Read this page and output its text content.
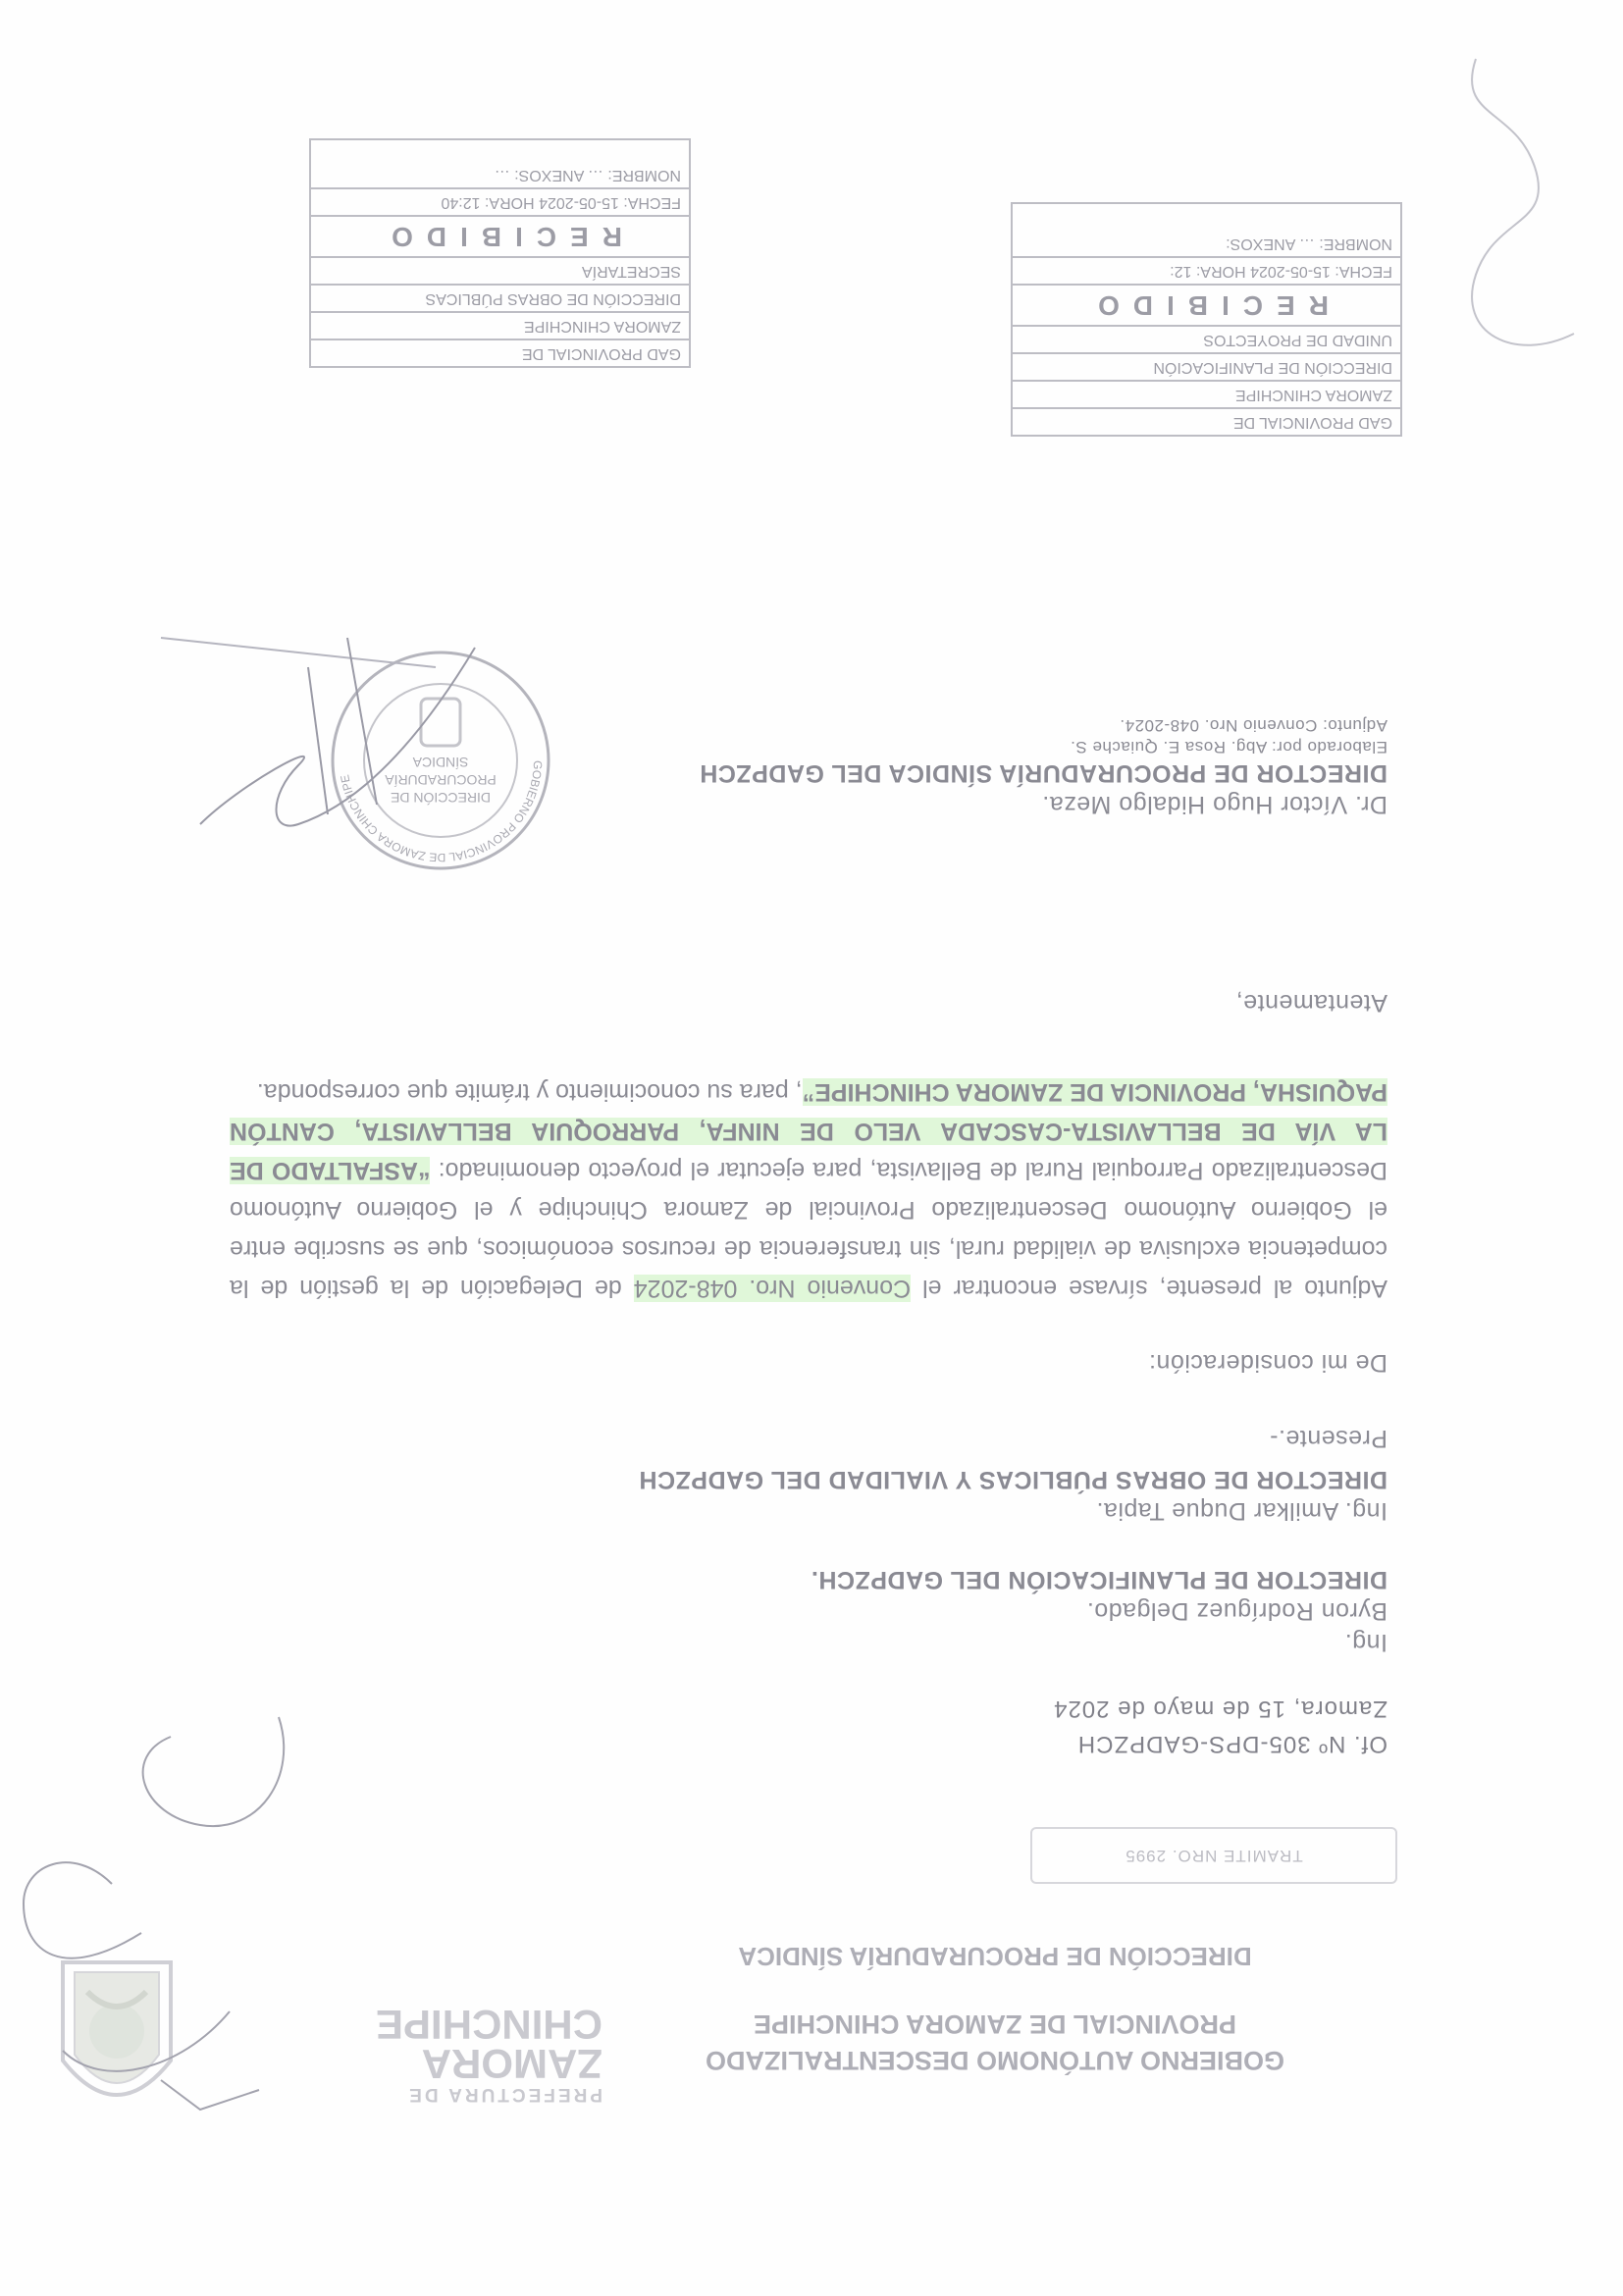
PREFECTURA DE
ZAMORA
CHINCHIPE
GOBIERNO AUTÓNOMO DESCENTRALIZADO
PROVINCIAL DE ZAMORA CHINCHIPE
DIRECCIÓN DE PROCURADURÍA SÍNDICA
TRAMITE NRO. 2995
Of. Nº 305-DPS-GADPZCH
Zamora, 15 de mayo de 2024
Ing.
Byron Rodríguez Delgado.
DIRECTOR DE PLANIFICACIÓN DEL GADPZCH.
Ing. Amilkar Duque Tapia.
DIRECTOR DE OBRAS PÚBLICAS Y VIALIDAD DEL GADPZCH
Presente.-
De mi consideración:
Adjunto al presente, sírvase encontrar el Convenio Nro. 048-2024 de Delegación de la gestión de la competencia exclusiva de vialidad rural, sin transferencia de recursos económicos, que se suscribe entre el Gobierno Autónomo Descentralizado Provincial de Zamora Chinchipe y el Gobierno Autónomo Descentralizado Parroquial Rural de Bellavista, para ejecutar el proyecto denominado: “ASFALTADO DE LA VÍA DE BELLAVISTA-CASCADA VELO DE NINFA, PARROQUIA BELLAVISTA, CANTÓN PAQUISHA, PROVINCIA DE ZAMORA CHINCHIPE”, para su conocimiento y trámite que corresponda.
Atentamente,
Dr. Víctor Hugo Hidalgo Meza.
DIRECTOR DE PROCURADURÍA SÍNDICA DEL GADPZCH
Elaborado por: Abg. Rosa E. Quiache S.
Adjunto: Convenio Nro. 048-2024.
GOBIERNO PROVINCIAL DE ZAMORA CHINCHIPE
DIRECCIÓN DE
PROCURADURÍA
SÍNDICA
GAD PROVINCIAL DE
ZAMORA CHINCHIPE
DIRECCIÓN DE OBRAS PÚBLICAS
SECRETARÍA
RECIBIDO
FECHA: 15-05-2024 HORA: 12:40
NOMBRE: … ANEXOS: …
GAD PROVINCIAL DE
ZAMORA CHINCHIPE
DIRECCIÓN DE PLANIFICACIÓN
UNIDAD DE PROYECTOS
RECIBIDO
FECHA: 15-05-2024 HORA: 12:
NOMBRE: … ANEXOS:
